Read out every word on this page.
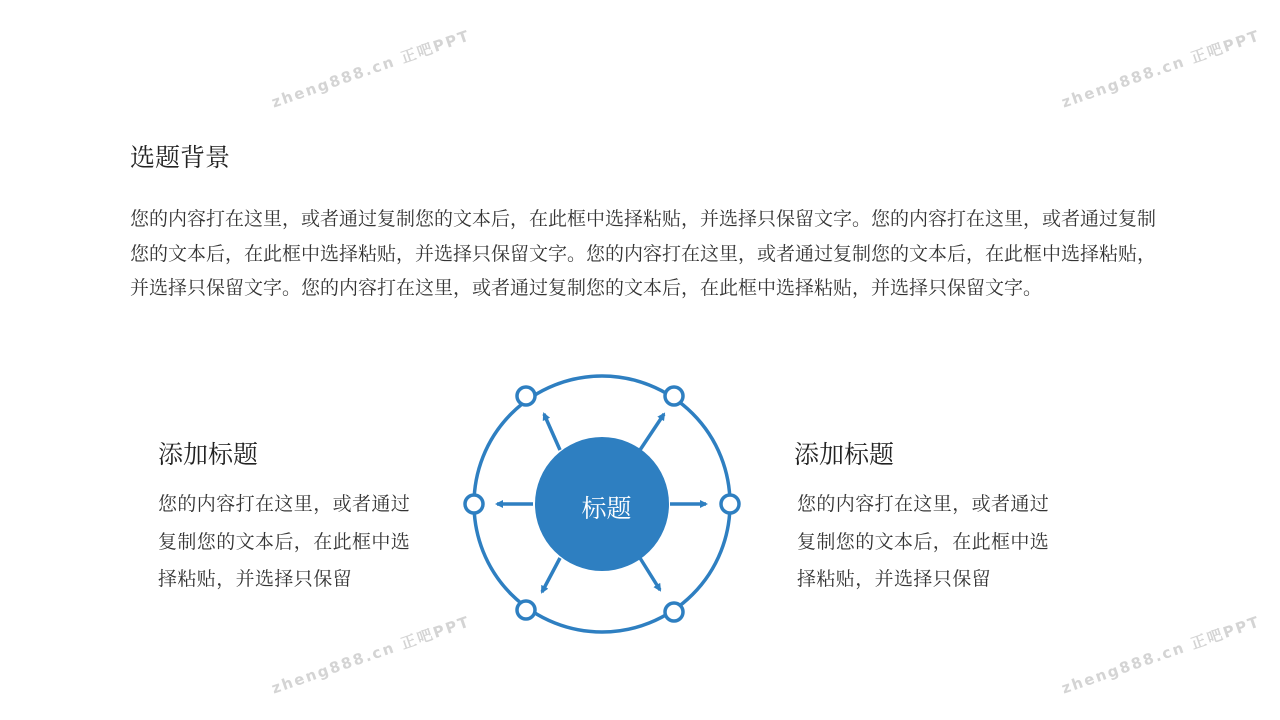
zheng888.cn 正吧PPT	zheng888.cn 正吧PPT
zheng888.cn 正吧PPT	zheng888.cn 正吧PPT
选题背景

您的内容打在这里，或者通过复制您的文本后，在此框中选择粘贴，并选择只保留文字。您的内容打在这里，或者通过复制您的文本后，在此框中选择粘贴，并选择只保留文字。您的内容打在这里，或者通过复制您的文本后，在此框中选择粘贴，并选择只保留文字。您的内容打在这里，或者通过复制您的文本后，在此框中选择粘贴，并选择只保留文字。

添加标题

您的内容打在这里，或者通过复制您的文本后，在此框中选择粘贴，并选择只保留

添加标题

您的内容打在这里，或者通过复制您的文本后，在此框中选择粘贴，并选择只保留

标题
